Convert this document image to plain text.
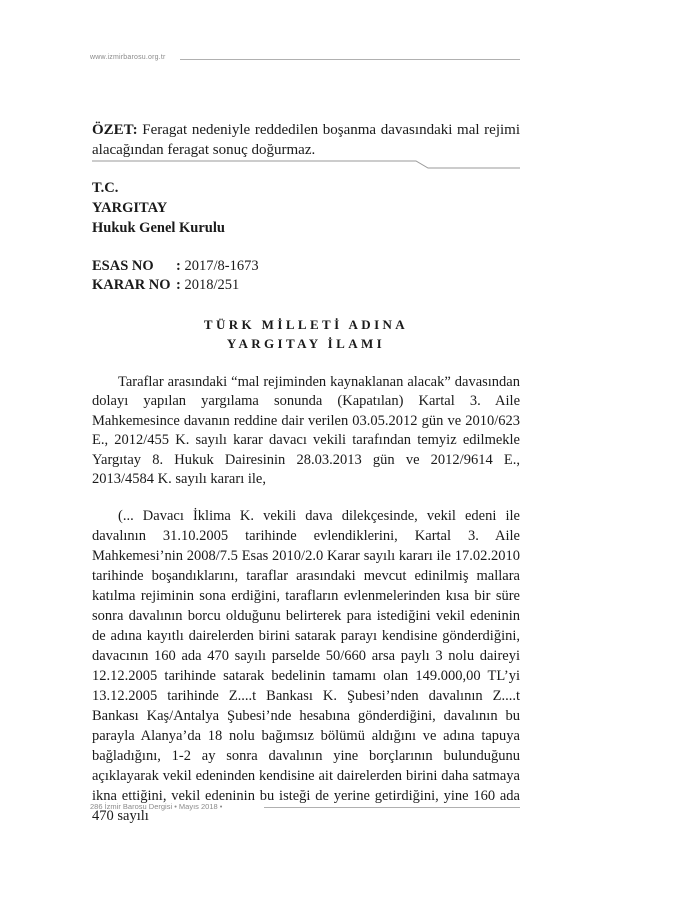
www.izmirbarosu.org.tr
ÖZET: Feragat nedeniyle reddedilen boşanma davasındaki mal rejimi alacağından feragat sonuç doğurmaz.
T.C.
YARGITAY
Hukuk Genel Kurulu
ESAS NO : 2017/8-1673
KARAR NO : 2018/251
TÜRK MİLLETİ ADINA
YARGITAY İLAMI

Taraflar arasındaki “mal rejiminden kaynaklanan alacak” davasından dolayı yapılan yargılama sonunda (Kapatılan) Kartal 3. Aile Mahkemesince davanın reddine dair verilen 03.05.2012 gün ve 2010/623 E., 2012/455 K. sayılı karar davacı vekili tarafından temyiz edilmekle Yargıtay 8. Hukuk Dairesinin 28.03.2013 gün ve 2012/9614 E., 2013/4584 K. sayılı kararı ile,

(... Davacı İklima K. vekili dava dilekçesinde, vekil edeni ile davalının 31.10.2005 tarihinde evlendiklerini, Kartal 3. Aile Mahkemesi’nin 2008/7.5 Esas 2010/2.0 Karar sayılı kararı ile 17.02.2010 tarihinde boşandıklarını, taraflar arasındaki mevcut edinilmiş mallara katılma rejiminin sona erdiğini, tarafların evlenmelerinden kısa bir süre sonra davalının borcu olduğunu belirterek para istediğini vekil edeninin de adına kayıtlı dairelerden birini satarak parayı kendisine gönderdiğini, davacının 160 ada 470 sayılı parselde 50/660 arsa paylı 3 nolu daireyi 12.12.2005 tarihinde satarak bedelinin tamamı olan 149.000,00 TL’yi 13.12.2005 tarihinde Z....t Bankası K. Şubesi’nden davalının Z....t Bankası Kaş/Antalya Şubesi’nde hesabına gönderdiğini, davalının bu parayla Alanya’da 18 nolu bağımsız bölümü aldığını ve adına tapuya bağladığını, 1-2 ay sonra davalının yine borçlarının bulunduğunu açıklayarak vekil edeninden kendisine ait dairelerden birini daha satmaya ikna ettiğini, vekil edeninin bu isteği de yerine getirdiğini, yine 160 ada 470 sayılı

286 İzmir Barosu Dergisi • Mayıs 2018 •
